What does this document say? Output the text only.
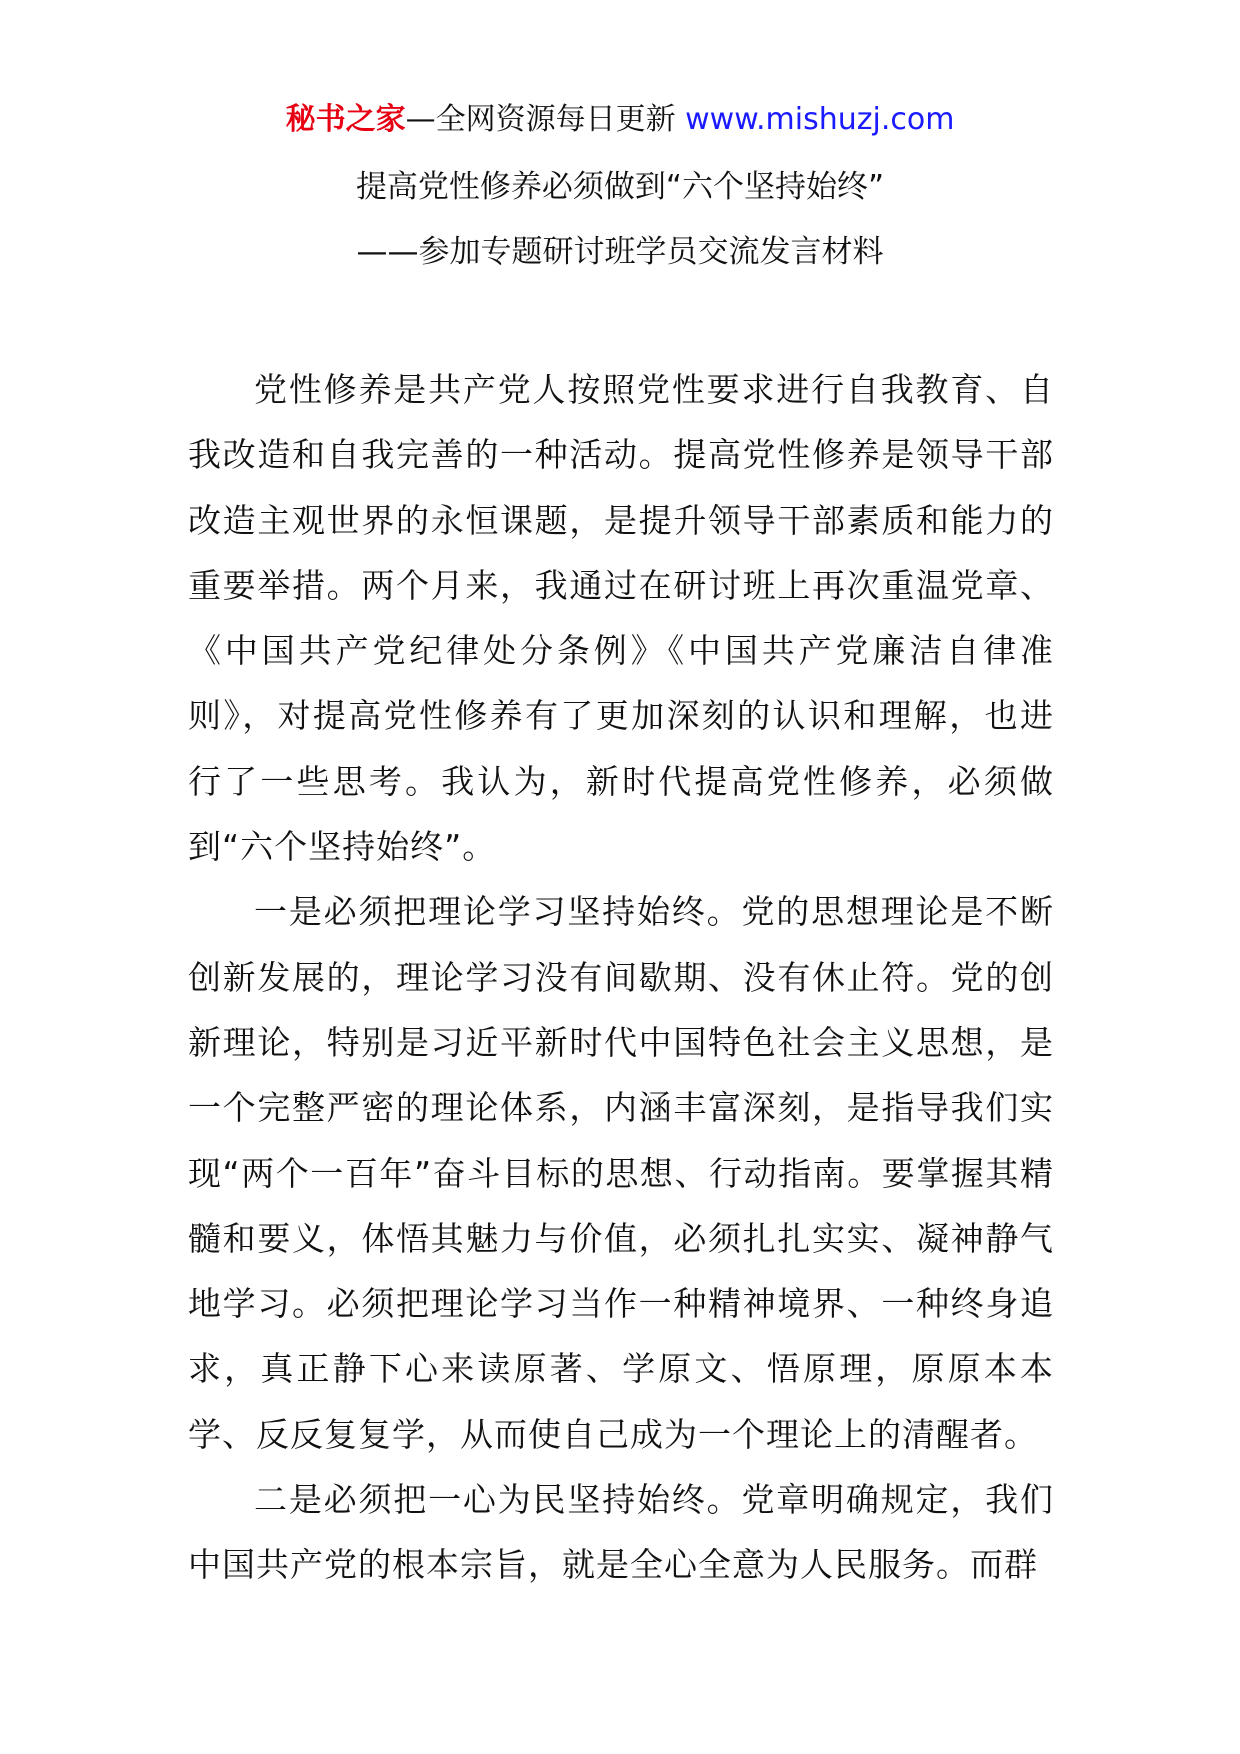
秘书之家—全网资源每日更新 www.mishuzj.com
提高党性修养必须做到“六个坚持始终”
——参加专题研讨班学员交流发言材料

党性修养是共产党人按照党性要求进行自我教育、自我改造和自我完善的一种活动。提高党性修养是领导干部改造主观世界的永恒课题，是提升领导干部素质和能力的重要举措。两个月来，我通过在研讨班上再次重温党章、《中国共产党纪律处分条例》《中国共产党廉洁自律准则》，对提高党性修养有了更加深刻的认识和理解，也进行了一些思考。我认为，新时代提高党性修养，必须做到“六个坚持始终”。

一是必须把理论学习坚持始终。党的思想理论是不断创新发展的，理论学习没有间歇期、没有休止符。党的创新理论，特别是习近平新时代中国特色社会主义思想，是一个完整严密的理论体系，内涵丰富深刻，是指导我们实现“两个一百年”奋斗目标的思想、行动指南。要掌握其精髓和要义，体悟其魅力与价值，必须扎扎实实、凝神静气地学习。必须把理论学习当作一种精神境界、一种终身追求，真正静下心来读原著、学原文、悟原理，原原本本学、反反复复学，从而使自己成为一个理论上的清醒者。

二是必须把一心为民坚持始终。党章明确规定，我们中国共产党的根本宗旨，就是全心全意为人民服务。而群
